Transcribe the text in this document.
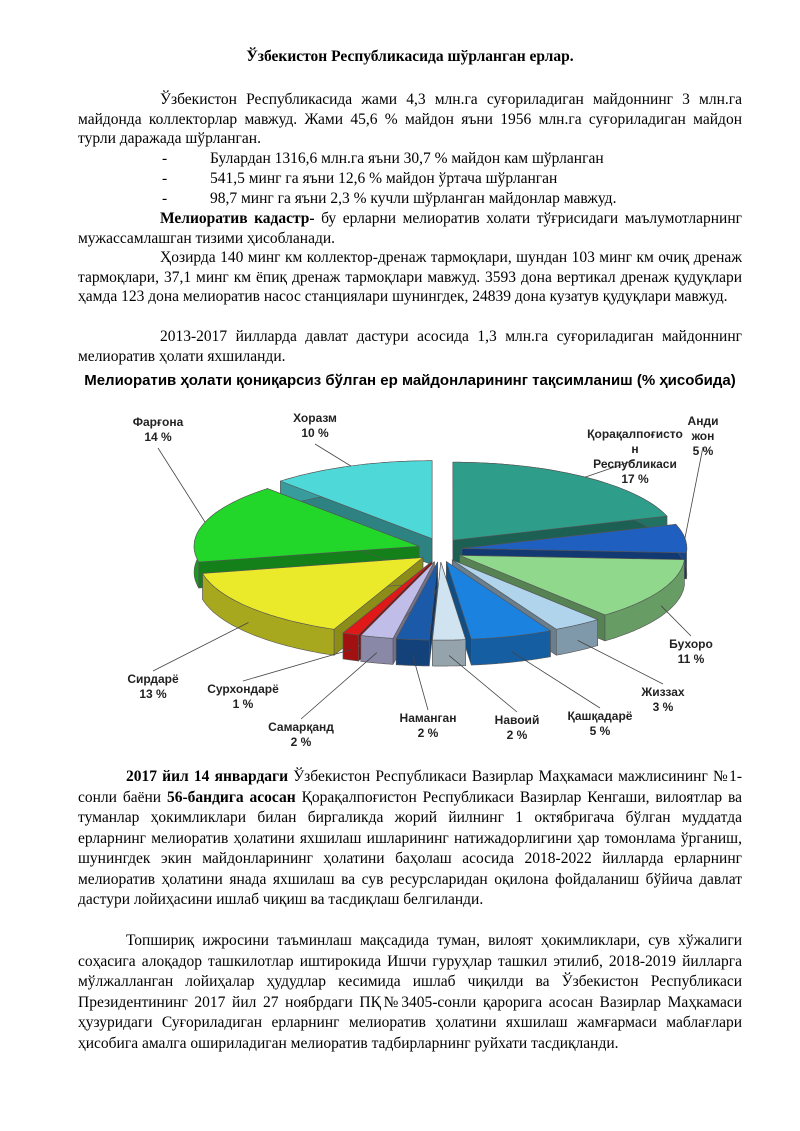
Ўзбекистон Республикасида шўрланган ерлар.

Ўзбекистон Республикасида жами 4,3 млн.га суғориладиган майдоннинг 3 млн.га майдонда коллекторлар мавжуд. Жами 45,6 % майдон яъни 1956 млн.га суғориладиган майдон турли даражада шўрланган.

-	Булардан 1316,6 млн.га яъни 30,7 % майдон кам шўрланган
-	541,5 минг га яъни 12,6 % майдон ўртача шўрланган
-	98,7 минг га яъни 2,3 % кучли шўрланган майдонлар мавжуд.

Мелиоратив кадастр- бу ерларни мелиоратив холати тўғрисидаги маълумотларнинг мужассамлашган тизими ҳисобланади.

Ҳозирда 140 минг км коллектор-дренаж тармоқлари, шундан 103 минг км очиқ дренаж тармоқлари, 37,1 минг км ёпиқ дренаж тармоқлари мавжуд. 3593 дона вертикал дренаж қудуқлари ҳамда 123 дона мелиоратив насос станциялари шунингдек, 24839 дона кузатув қудуқлари мавжуд.

2013-2017 йилларда давлат дастури асосида 1,3 млн.га суғориладиган майдоннинг мелиоратив ҳолати яхшиланди.

Мелиоратив ҳолати қониқарсиз бўлган ер майдонларининг тақсимланиш (% ҳисобида)

2017 йил 14 январдаги Ўзбекистон Республикаси Вазирлар Маҳкамаси мажлисининг №1-сонли баёни 56-бандига асосан Қорақалпоғистон Республикаси Вазирлар Кенгаши, вилоятлар ва туманлар ҳокимликлари билан биргаликда жорий йилнинг 1 октябригача бўлган муддатда ерларнинг мелиоратив ҳолатини яхшилаш ишларининг натижадорлигини ҳар томонлама ўрганиш, шунингдек экин майдонларининг ҳолатини баҳолаш асосида 2018-2022 йилларда ерларнинг мелиоратив ҳолатини янада яхшилаш ва сув ресурсларидан оқилона фойдаланиш бўйича давлат дастури лойиҳасини ишлаб чиқиш ва тасдиқлаш белгиланди.

Топшириқ ижросини таъминлаш мақсадида туман, вилоят ҳокимликлари, сув хўжалиги соҳасига алоқадор ташкилотлар иштирокида Ишчи гуруҳлар ташкил этилиб, 2018-2019 йилларга мўлжалланган лойиҳалар ҳудудлар кесимида ишлаб чиқилди ва Ўзбекистон Республикаси Президентининг 2017 йил 27 ноябрдаги ПҚ№3405-сонли қарорига асосан Вазирлар Маҳкамаси ҳузуридаги Суғориладиган ерларнинг мелиоратив ҳолатини яхшилаш жамғармаси маблағлари ҳисобига амалга ошириладиган мелиоратив тадбирларнинг руйхати тасдиқланди.

Қорақалпоғисто
н
Республикаси
17 %
Анди
жон
5 %
Бухоро
11 %
Жиззах
3 %
Қашқадарё
5 %
Навоий
2 %
Наманган
2 %
Самарқанд
2 %
Сурхондарё
1 %
Сирдарё
13 %
Фарғона
14 %
Хоразм
10 %
